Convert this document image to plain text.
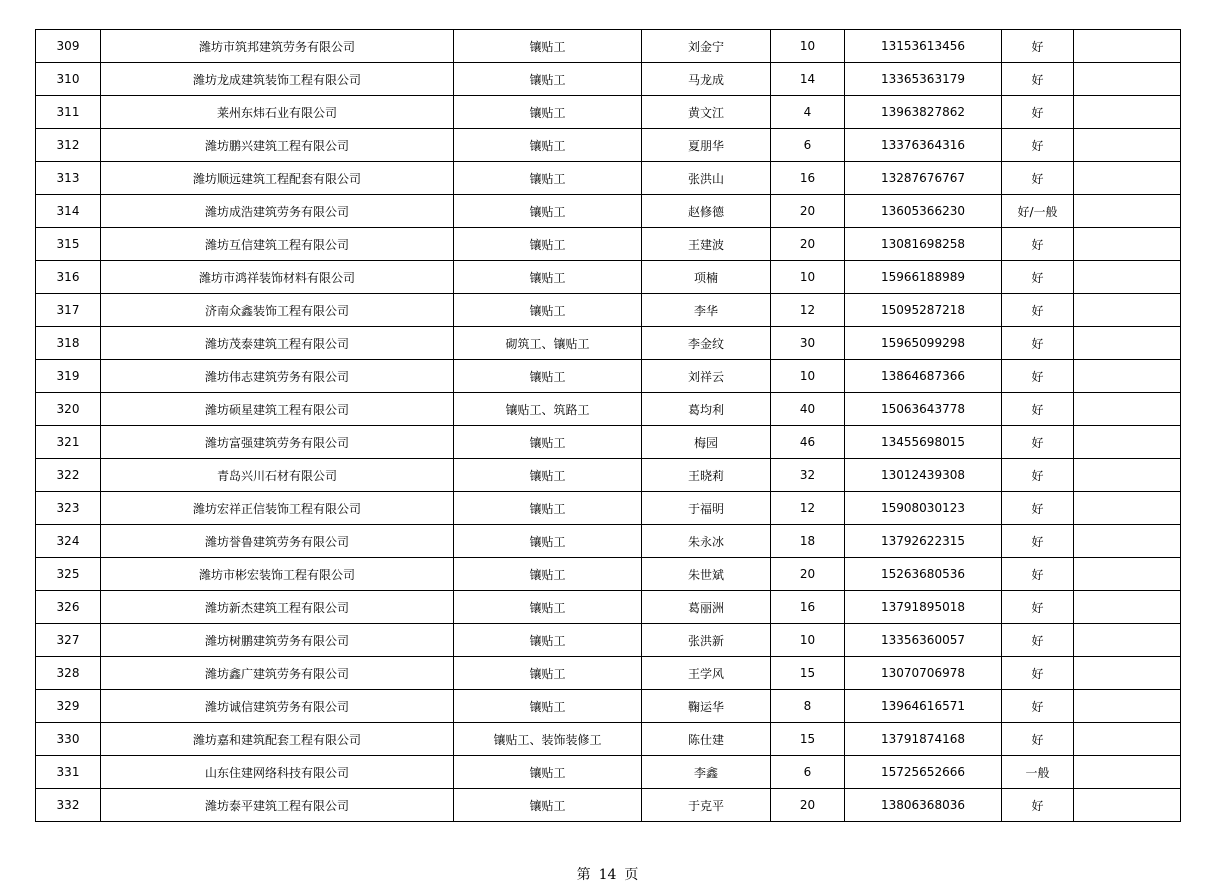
309	潍坊市筑邦建筑劳务有限公司	镶贴工	刘金宁	10	13153613456	好	
310	潍坊龙成建筑装饰工程有限公司	镶贴工	马龙成	14	13365363179	好	
311	莱州东炜石业有限公司	镶贴工	黄文江	4	13963827862	好	
312	潍坊鹏兴建筑工程有限公司	镶贴工	夏朋华	6	13376364316	好	
313	潍坊顺远建筑工程配套有限公司	镶贴工	张洪山	16	13287676767	好	
314	潍坊成浩建筑劳务有限公司	镶贴工	赵修德	20	13605366230	好/一般	
315	潍坊互信建筑工程有限公司	镶贴工	王建波	20	13081698258	好	
316	潍坊市鸿祥装饰材料有限公司	镶贴工	项楠	10	15966188989	好	
317	济南众鑫装饰工程有限公司	镶贴工	李华	12	15095287218	好	
318	潍坊茂泰建筑工程有限公司	砌筑工、镶贴工	李金纹	30	15965099298	好	
319	潍坊伟志建筑劳务有限公司	镶贴工	刘祥云	10	13864687366	好	
320	潍坊硕星建筑工程有限公司	镶贴工、筑路工	葛均利	40	15063643778	好	
321	潍坊富强建筑劳务有限公司	镶贴工	梅园	46	13455698015	好	
322	青岛兴川石材有限公司	镶贴工	王晓莉	32	13012439308	好	
323	潍坊宏祥正信装饰工程有限公司	镶贴工	于福明	12	15908030123	好	
324	潍坊誉鲁建筑劳务有限公司	镶贴工	朱永冰	18	13792622315	好	
325	潍坊市彬宏装饰工程有限公司	镶贴工	朱世斌	20	15263680536	好	
326	潍坊新杰建筑工程有限公司	镶贴工	葛丽洲	16	13791895018	好	
327	潍坊树鹏建筑劳务有限公司	镶贴工	张洪新	10	13356360057	好	
328	潍坊鑫广建筑劳务有限公司	镶贴工	王学风	15	13070706978	好	
329	潍坊诚信建筑劳务有限公司	镶贴工	鞠运华	8	13964616571	好	
330	潍坊嘉和建筑配套工程有限公司	镶贴工、装饰装修工	陈仕建	15	13791874168	好	
331	山东住建网络科技有限公司	镶贴工	李鑫	6	15725652666	一般	
332	潍坊泰平建筑工程有限公司	镶贴工	于克平	20	13806368036	好	
第 14 页
